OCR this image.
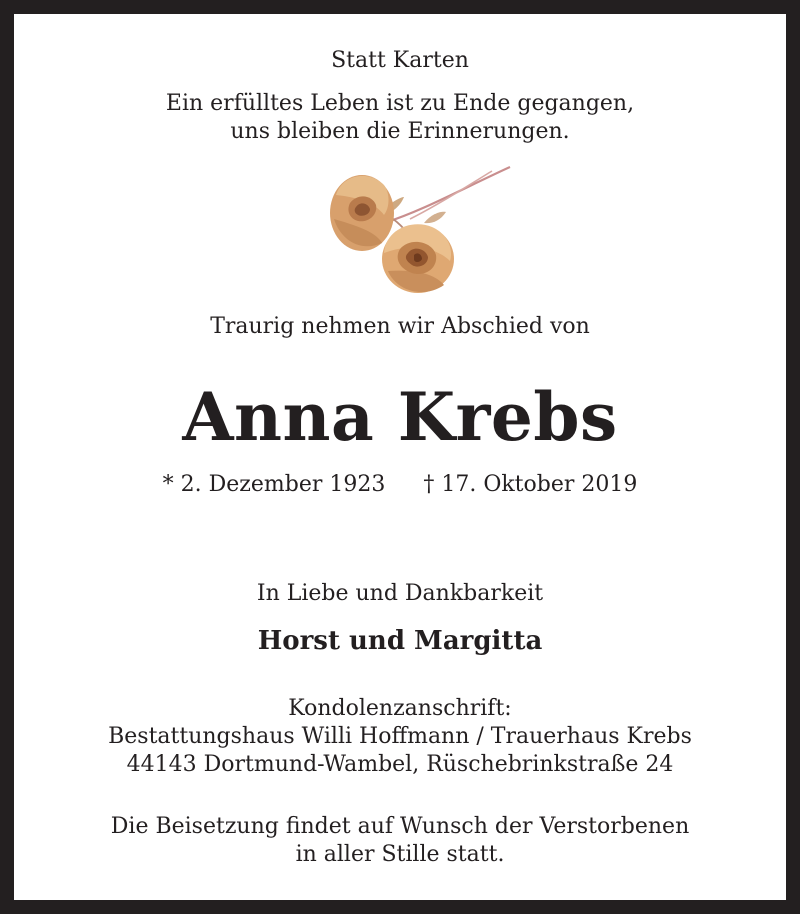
Statt Karten
Ein erfülltes Leben ist zu Ende gegangen,
uns bleiben die Erinnerungen.
Traurig nehmen wir Abschied von
Anna Krebs
* 2. Dezember 1923 † 17. Oktober 2019
In Liebe und Dankbarkeit
Horst und Margitta
Kondolenzanschrift:
Bestattungshaus Willi Hoffmann / Trauerhaus Krebs
44143 Dortmund-Wambel, Rüschebrinkstraße 24
Die Beisetzung findet auf Wunsch der Verstorbenen
in aller Stille statt.
